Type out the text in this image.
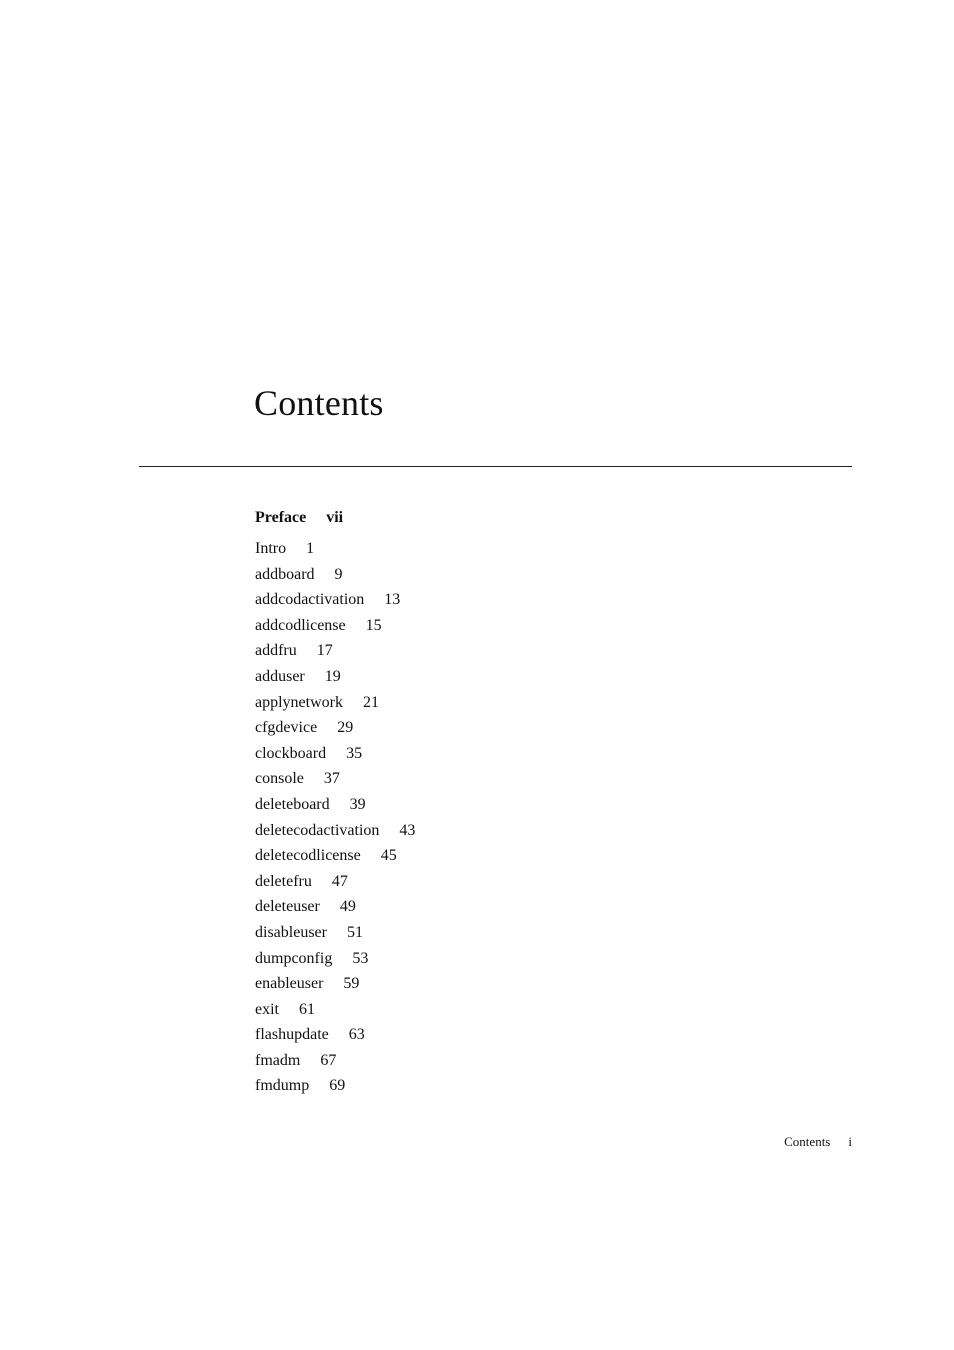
Contents
Preface vii
Intro 1
addboard 9
addcodactivation 13
addcodlicense 15
addfru 17
adduser 19
applynetwork 21
cfgdevice 29
clockboard 35
console 37
deleteboard 39
deletecodactivation 43
deletecodlicense 45
deletefru 47
deleteuser 49
disableuser 51
dumpconfig 53
enableuser 59
exit 61
flashupdate 63
fmadm 67
fmdump 69
Contents i
